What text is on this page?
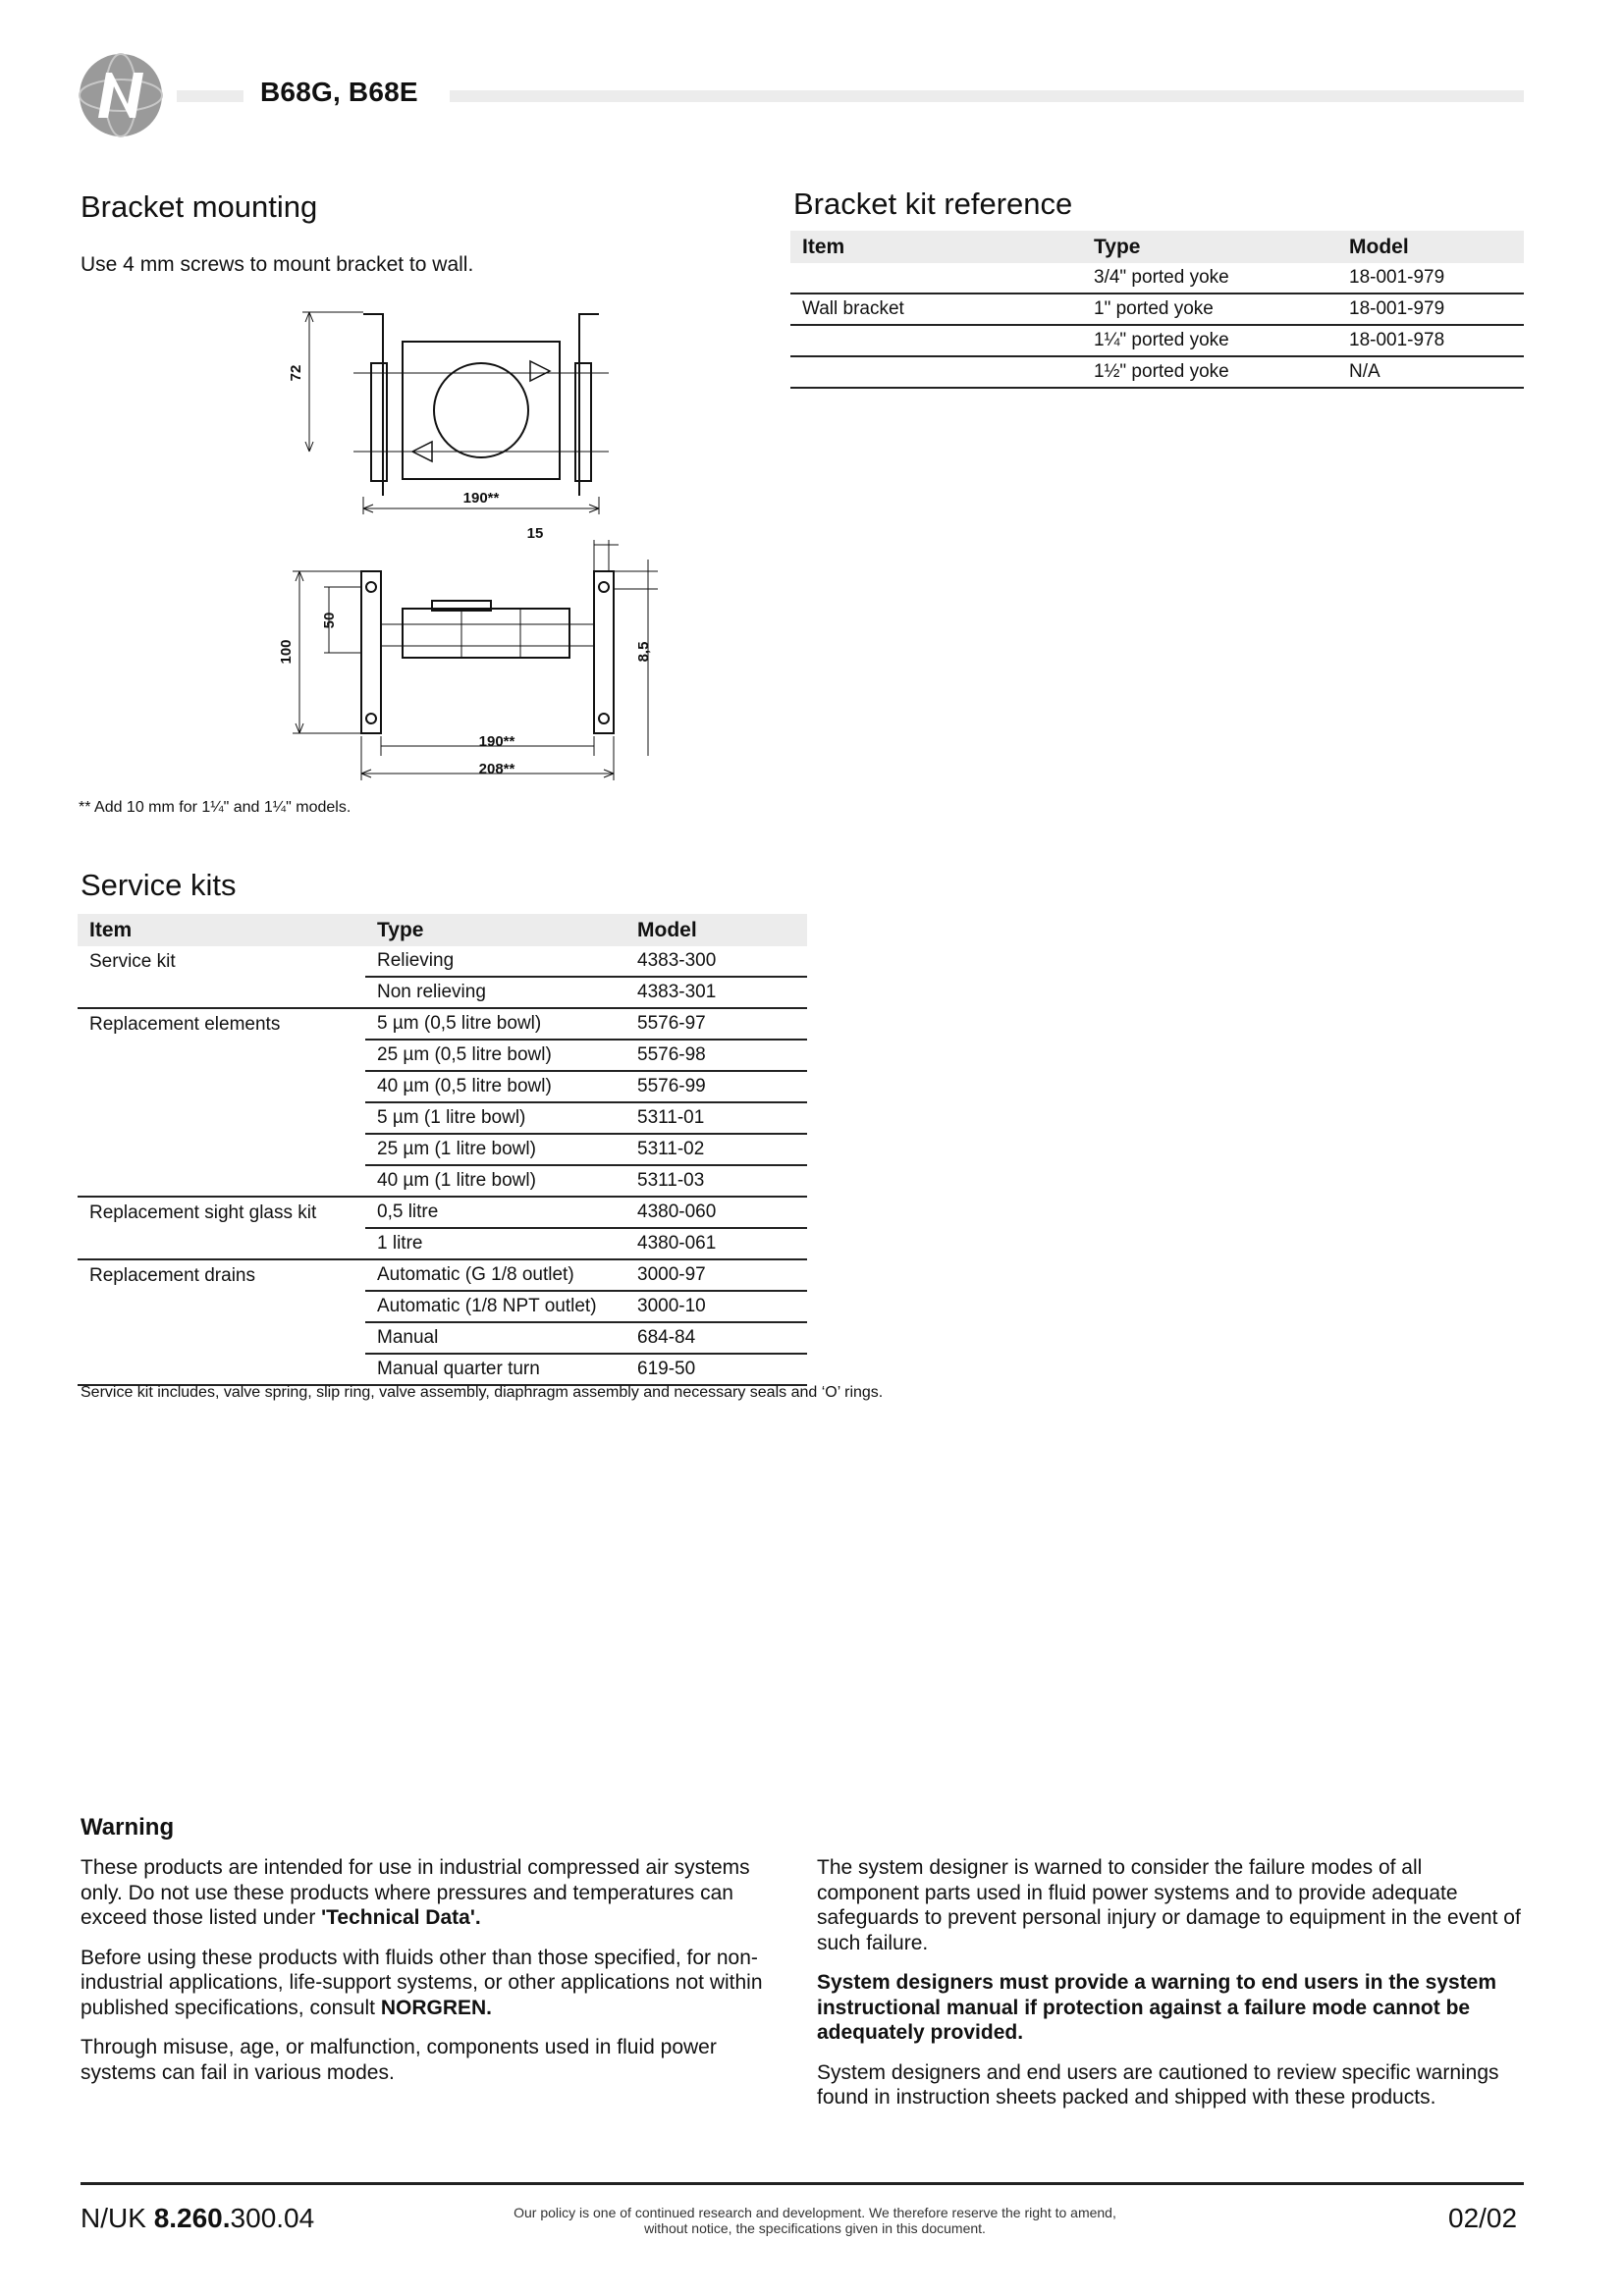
B68G, B68E
Bracket mounting
Use 4 mm screws to mount bracket to wall.
72
190**
15
100
50
8,5
190**
208**
** Add 10 mm for 1¼" and 1¼" models.
Bracket kit reference
Item	Type	Model
	3/4" ported yoke	18-001-979
Wall bracket	1" ported yoke	18-001-979
	1¼" ported yoke	18-001-978
	1½" ported yoke	N/A
Service kits
Item	Type	Model
Service kit	Relieving	4383-300
	Non relieving	4383-301
Replacement elements	5 µm (0,5 litre bowl)	5576-97
	25 µm (0,5 litre bowl)	5576-98
	40 µm (0,5 litre bowl)	5576-99
	5 µm (1 litre bowl)	5311-01
	25 µm (1 litre bowl)	5311-02
	40 µm (1 litre bowl)	5311-03
Replacement sight glass kit	0,5 litre	4380-060
	1 litre	4380-061
Replacement drains	Automatic (G 1/8 outlet)	3000-97
	Automatic (1/8 NPT outlet)	3000-10
	Manual	684-84
	Manual quarter turn	619-50
Service kit includes, valve spring, slip ring, valve assembly, diaphragm assembly and necessary seals and ‘O’ rings.
Warning

These products are intended for use in industrial compressed air systems only. Do not use these products where pressures and temperatures can exceed those listed under 'Technical Data'.

Before using these products with fluids other than those specified, for non-industrial applications, life-support systems, or other applications not within published specifications, consult NORGREN.

Through misuse, age, or malfunction, components used in fluid power systems can fail in various modes.

The system designer is warned to consider the failure modes of all component parts used in fluid power systems and to provide adequate safeguards to prevent personal injury or damage to equipment in the event of such failure.

System designers must provide a warning to end users in the system instructional manual if protection against a failure mode cannot be adequately provided.

System designers and end users are cautioned to review specific warnings found in instruction sheets packed and shipped with these products.

N/UK 8.260.300.04	Our policy is one of continued research and development. We therefore reserve the right to amend, without notice, the specifications given in this document.	02/02
